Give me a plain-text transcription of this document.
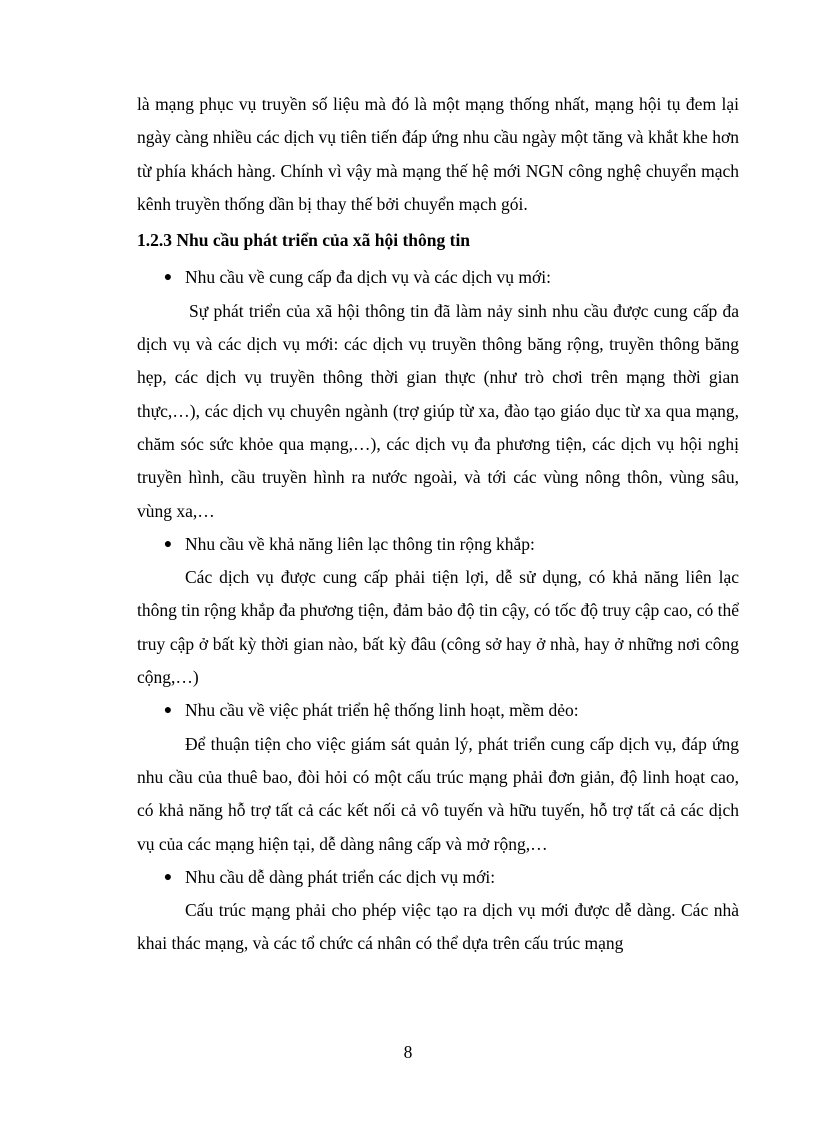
là mạng phục vụ truyền số liệu mà đó là một mạng thống nhất, mạng hội tụ đem lại ngày càng nhiều các dịch vụ tiên tiến đáp ứng nhu cầu ngày một tăng và khắt khe hơn từ phía khách hàng. Chính vì vậy mà mạng thế hệ mới NGN công nghệ chuyển mạch kênh truyền thống dần bị thay thế bởi chuyển mạch gói.

1.2.3 Nhu cầu phát triển của xã hội thông tin

● Nhu cầu về cung cấp đa dịch vụ và các dịch vụ mới:

Sự phát triển của xã hội thông tin đã làm nảy sinh nhu cầu được cung cấp đa dịch vụ và các dịch vụ mới: các dịch vụ truyền thông băng rộng, truyền thông băng hẹp, các dịch vụ truyền thông thời gian thực (như trò chơi trên mạng thời gian thực,…), các dịch vụ chuyên ngành (trợ giúp từ xa, đào tạo giáo dục từ xa qua mạng, chăm sóc sức khỏe qua mạng,…), các dịch vụ đa phương tiện, các dịch vụ hội nghị truyền hình, cầu truyền hình ra nước ngoài, và tới các vùng nông thôn, vùng sâu, vùng xa,…

● Nhu cầu về khả năng liên lạc thông tin rộng khắp:

Các dịch vụ được cung cấp phải tiện lợi, dễ sử dụng, có khả năng liên lạc thông tin rộng khắp đa phương tiện, đảm bảo độ tin cậy, có tốc độ truy cập cao, có thể truy cập ở bất kỳ thời gian nào, bất kỳ đâu (công sở hay ở nhà, hay ở những nơi công cộng,…)

● Nhu cầu về việc phát triển hệ thống linh hoạt, mềm dẻo:

Để thuận tiện cho việc giám sát quản lý, phát triển cung cấp dịch vụ, đáp ứng nhu cầu của thuê bao, đòi hỏi có một cấu trúc mạng phải đơn giản, độ linh hoạt cao, có khả năng hỗ trợ tất cả các kết nối cả vô tuyến và hữu tuyến, hỗ trợ tất cả các dịch vụ của các mạng hiện tại, dễ dàng nâng cấp và mở rộng,…

● Nhu cầu dễ dàng phát triển các dịch vụ mới:

Cấu trúc mạng phải cho phép việc tạo ra dịch vụ mới được dễ dàng. Các nhà khai thác mạng, và các tổ chức cá nhân có thể dựa trên cấu trúc mạng

8
